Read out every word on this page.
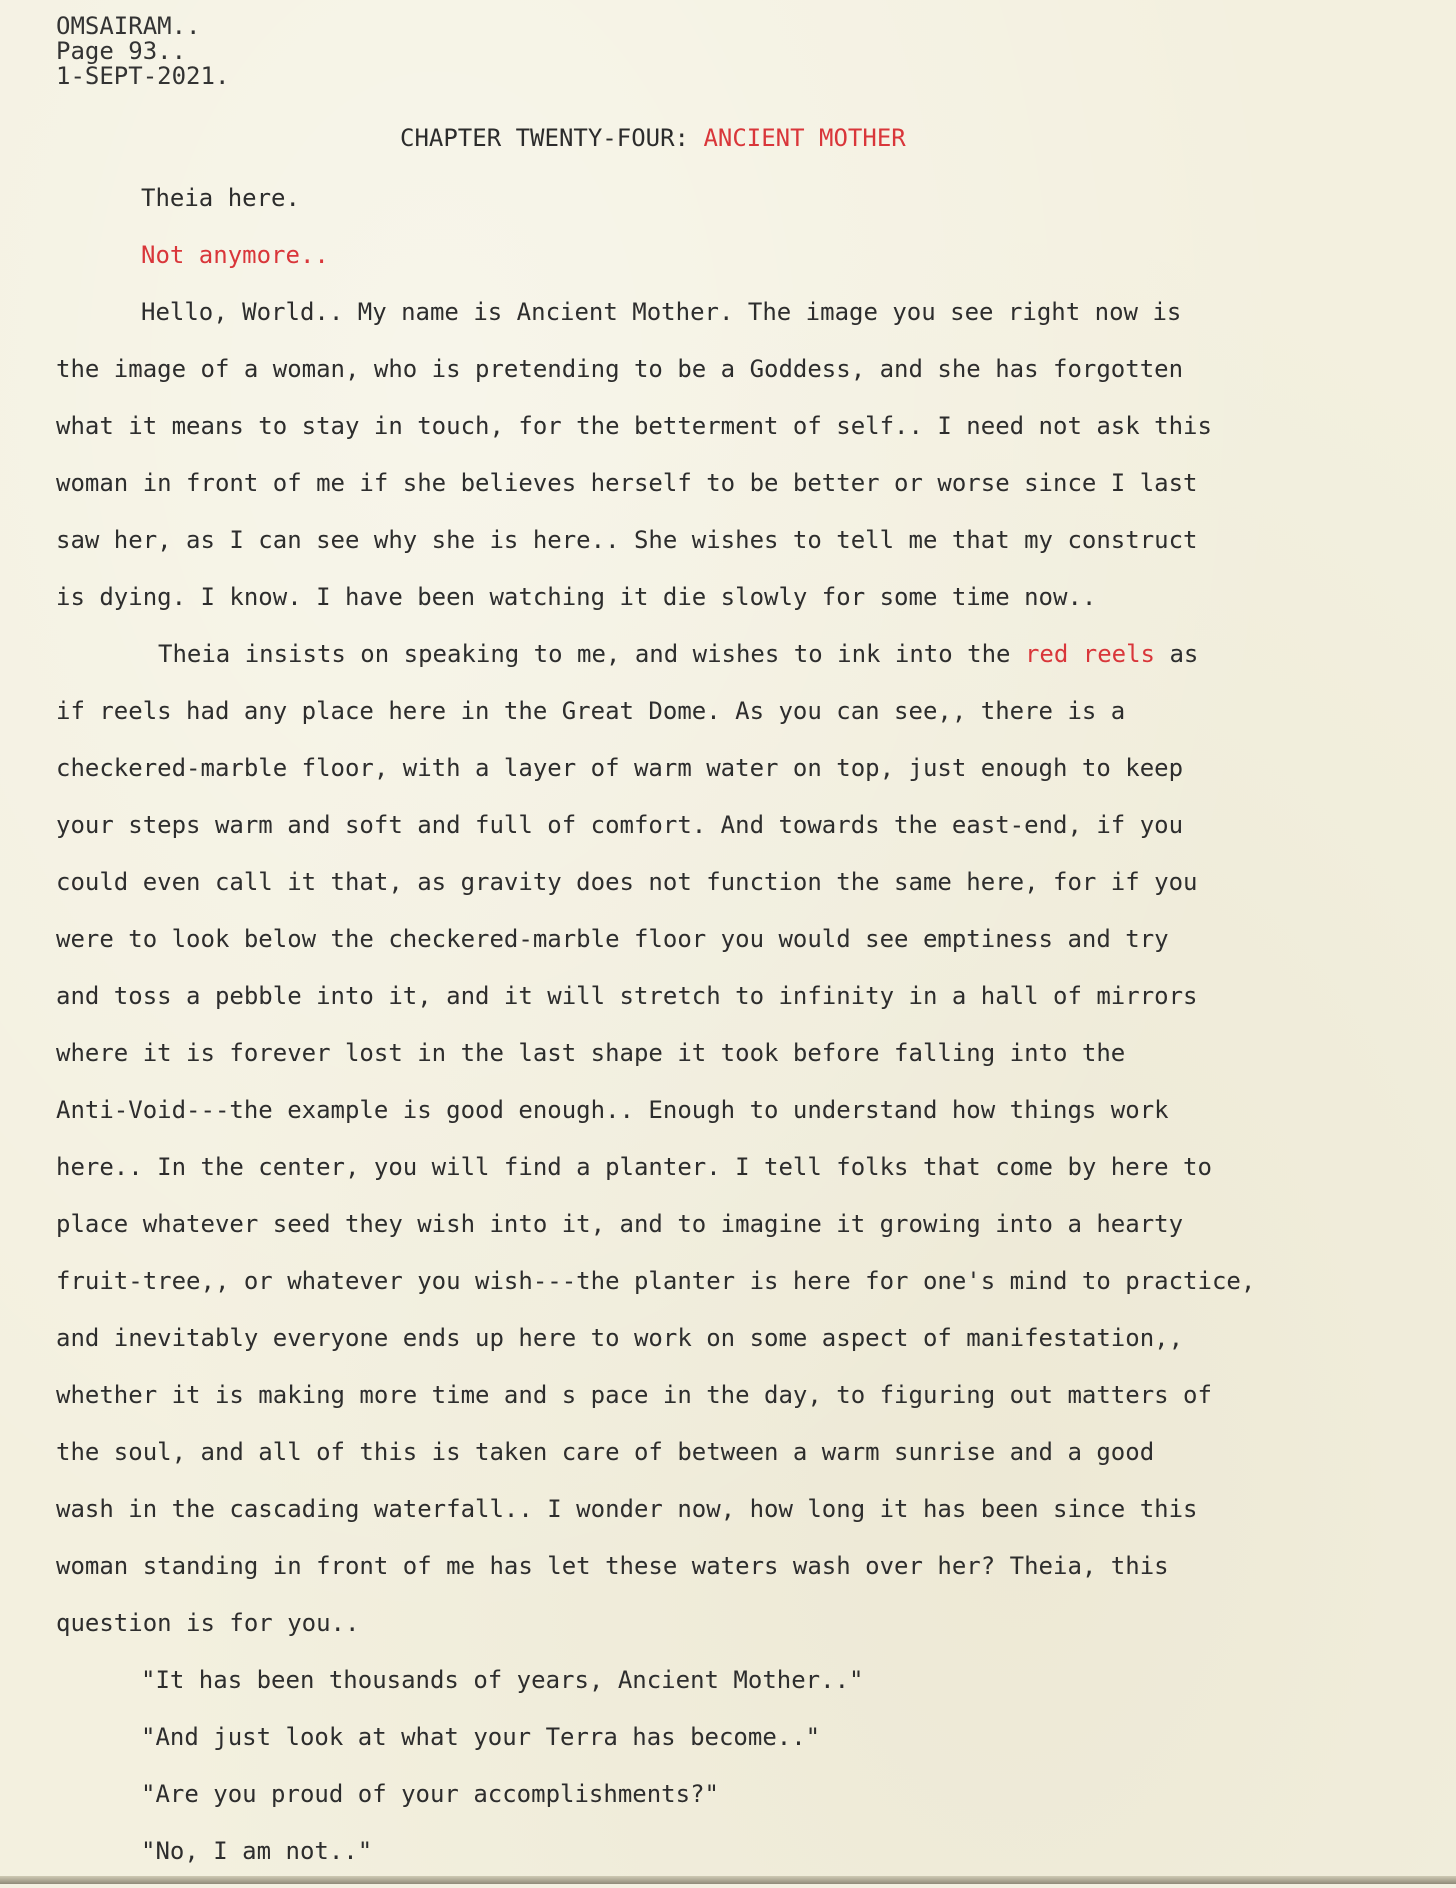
OMSAIRAM..
Page 93..
1-SEPT-2021.
CHAPTER TWENTY-FOUR: ANCIENT MOTHER
Theia here.
Not anymore..
Hello, World.. My name is Ancient Mother. The image you see right now is
the image of a woman, who is pretending to be a Goddess, and she has forgotten
what it means to stay in touch, for the betterment of self.. I need not ask this
woman in front of me if she believes herself to be better or worse since I last
saw her, as I can see why she is here.. She wishes to tell me that my construct
is dying. I know. I have been watching it die slowly for some time now..
Theia insists on speaking to me, and wishes to ink into the red reels as
if reels had any place here in the Great Dome. As you can see,, there is a
checkered-marble floor, with a layer of warm water on top, just enough to keep
your steps warm and soft and full of comfort. And towards the east-end, if you
could even call it that, as gravity does not function the same here, for if you
were to look below the checkered-marble floor you would see emptiness and try
and toss a pebble into it, and it will stretch to infinity in a hall of mirrors
where it is forever lost in the last shape it took before falling into the
Anti-Void---the example is good enough.. Enough to understand how things work
here.. In the center, you will find a planter. I tell folks that come by here to
place whatever seed they wish into it, and to imagine it growing into a hearty
fruit-tree,, or whatever you wish---the planter is here for one's mind to practice,
and inevitably everyone ends up here to work on some aspect of manifestation,,
whether it is making more time and s pace in the day, to figuring out matters of
the soul, and all of this is taken care of between a warm sunrise and a good
wash in the cascading waterfall.. I wonder now, how long it has been since this
woman standing in front of me has let these waters wash over her? Theia, this
question is for you..
"It has been thousands of years, Ancient Mother.."
"And just look at what your Terra has become.."
"Are you proud of your accomplishments?"
"No, I am not.."
